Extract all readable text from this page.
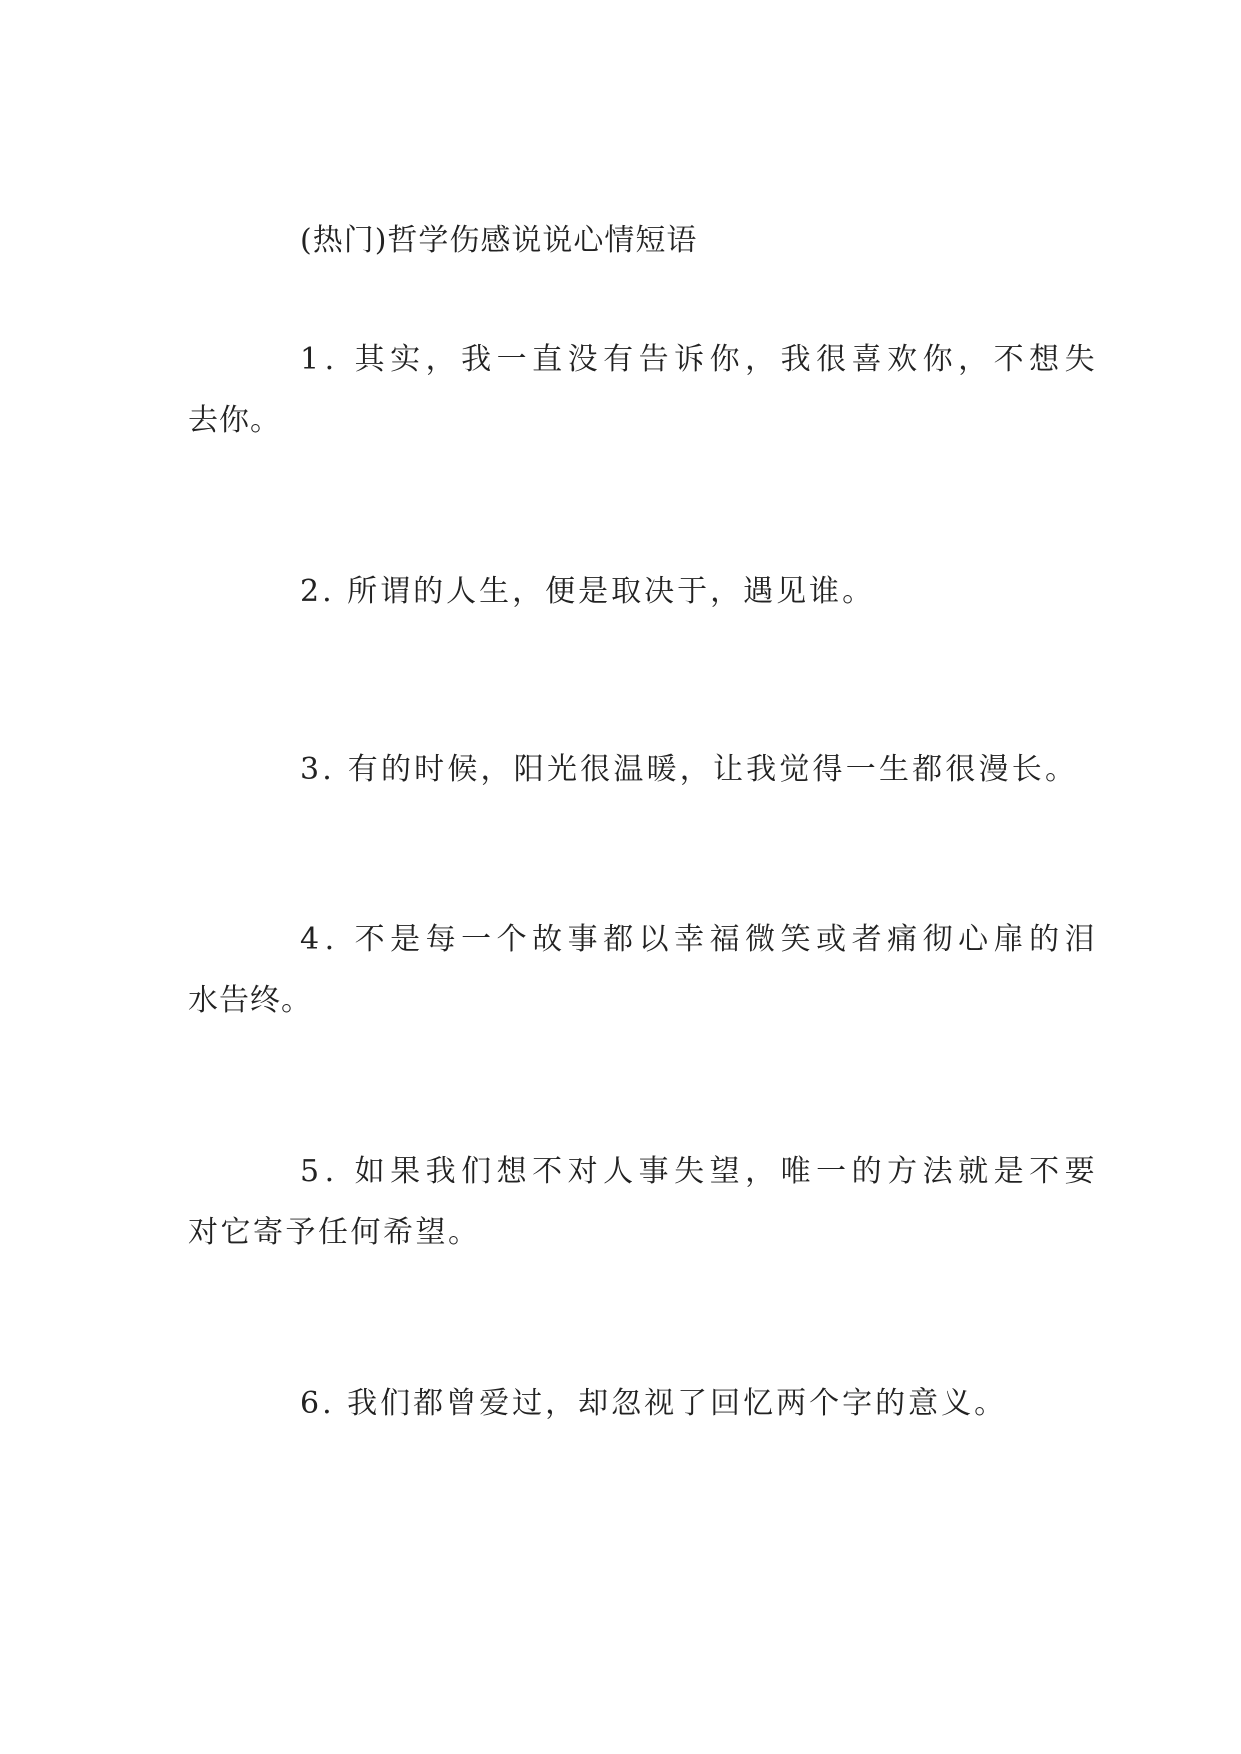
(热门)哲学伤感说说心情短语
1. 其实，我一直没有告诉你，我很喜欢你，不想失
去你。
2. 所谓的人生，便是取决于，遇见谁。
3. 有的时候，阳光很温暖，让我觉得一生都很漫长。
4. 不是每一个故事都以幸福微笑或者痛彻心扉的泪
水告终。
5. 如果我们想不对人事失望，唯一的方法就是不要
对它寄予任何希望。
6. 我们都曾爱过，却忽视了回忆两个字的意义。
